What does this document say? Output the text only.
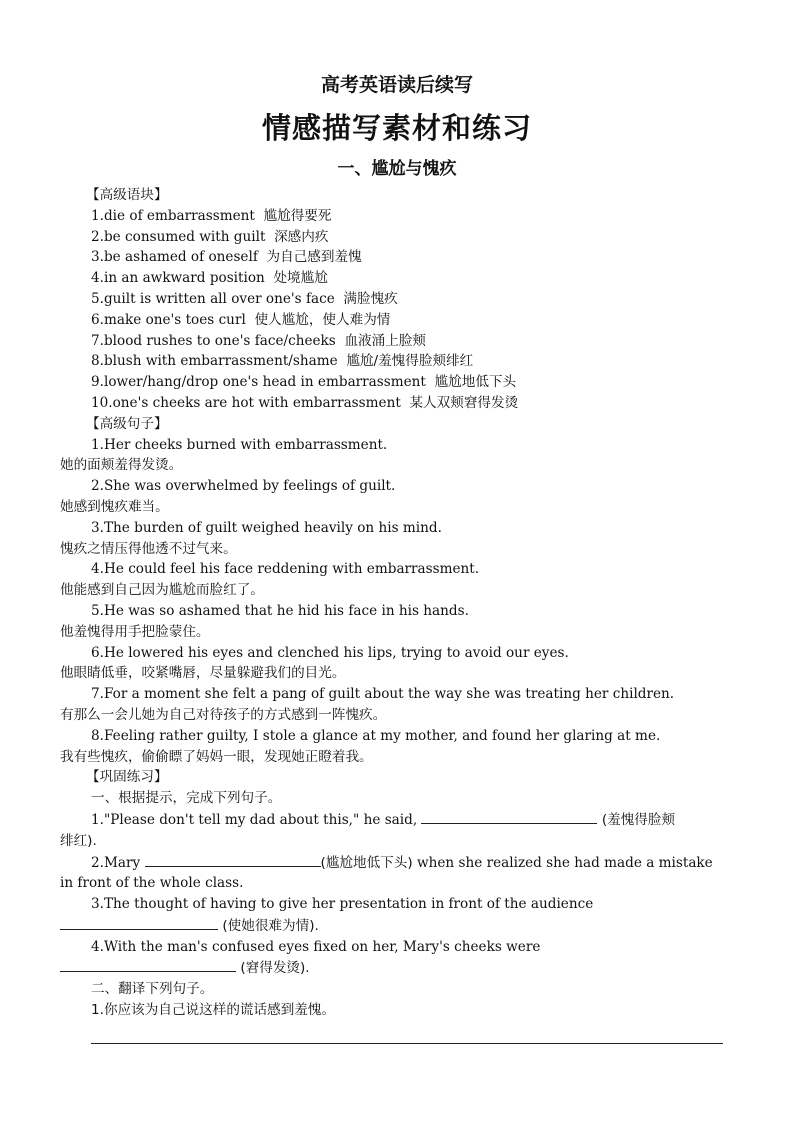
高考英语读后续写
情感描写素材和练习
一、尴尬与愧疚
【高级语块】
1.die of embarrassment 尴尬得要死
2.be consumed with guilt 深感内疚
3.be ashamed of oneself 为自己感到羞愧
4.in an awkward position 处境尴尬
5.guilt is written all over one's face 满脸愧疚
6.make one's toes curl 使人尴尬，使人难为情
7.blood rushes to one's face/cheeks 血液涌上脸颊
8.blush with embarrassment/shame 尴尬/羞愧得脸颊绯红
9.lower/hang/drop one's head in embarrassment 尴尬地低下头
10.one's cheeks are hot with embarrassment 某人双颊窘得发烫
【高级句子】
1.Her cheeks burned with embarrassment.
她的面颊羞得发烫。
2.She was overwhelmed by feelings of guilt.
她感到愧疚难当。
3.The burden of guilt weighed heavily on his mind.
愧疚之情压得他透不过气来。
4.He could feel his face reddening with embarrassment.
他能感到自己因为尴尬而脸红了。
5.He was so ashamed that he hid his face in his hands.
他羞愧得用手把脸蒙住。
6.He lowered his eyes and clenched his lips, trying to avoid our eyes.
他眼睛低垂，咬紧嘴唇，尽量躲避我们的目光。
7.For a moment she felt a pang of guilt about the way she was treating her children.
有那么一会儿她为自己对待孩子的方式感到一阵愧疚。
8.Feeling rather guilty, I stole a glance at my mother, and found her glaring at me.
我有些愧疚，偷偷瞟了妈妈一眼，发现她正瞪着我。
【巩固练习】
一、根据提示，完成下列句子。
1."Please don't tell my dad about this," he said,	(羞愧得脸颊
绯红).
2.Mary	(尴尬地低下头) when she realized she had made a mistake
in front of the whole class.
3.The thought of having to give her presentation in front of the audience
(使她很难为情).
4.With the man's confused eyes fixed on her, Mary's cheeks were
(窘得发烫).
二、翻译下列句子。
1.你应该为自己说这样的谎话感到羞愧。
